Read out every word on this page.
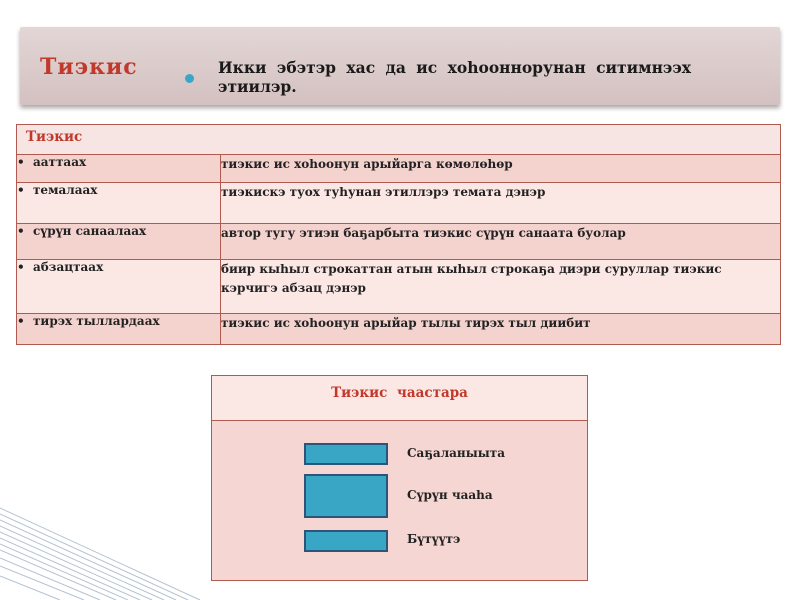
Тиэкис	Икки эбэтэр хас да ис хоһооннорунан ситимнээх этиилэр.
Тиэкис	
• ааттаах	тиэкис ис хоһоонун арыйарга көмөлөһөр
• темалаах	тиэкискэ туох туһунан этиллэрэ темата дэнэр
• сүрүн санаалаах	автор тугу этиэн баҕарбыта тиэкис сүрүн санаата буолар
• абзацтаах	биир кыһыл строкаттан атын кыһыл строкаҕа диэри суруллар тиэкис кэрчигэ абзац дэнэр
• тирэх тыллардаах	тиэкис ис хоһоонун арыйар тылы тирэх тыл диибит
Тиэкис чаастара
Саҕаланыыта
Сүрүн чааһа
Бүтүүтэ
